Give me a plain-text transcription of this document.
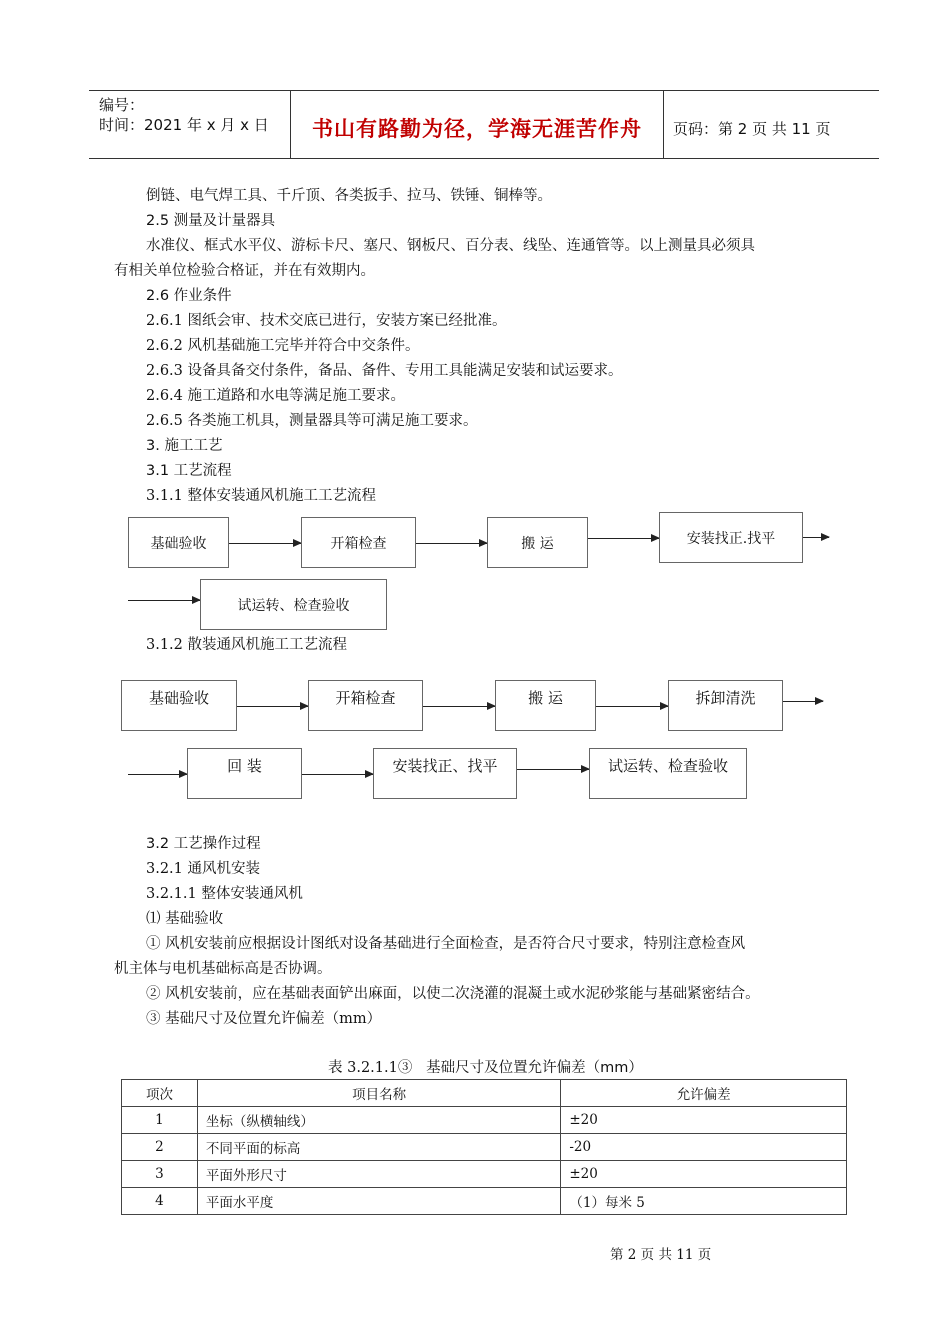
编号：
时间：2021 年 x 月 x 日 书山有路勤为径，学海无涯苦作舟 页码：第 2 页 共 11 页
倒链、电气焊工具、千斤顶、各类扳手、拉马、铁锤、铜棒等。
2.5 测量及计量器具
水准仪、框式水平仪、游标卡尺、塞尺、钢板尺、百分表、线坠、连通管等。以上测量具必须具
有相关单位检验合格证，并在有效期内。
2.6 作业条件
2.6.1 图纸会审、技术交底已进行，安装方案已经批准。
2.6.2 风机基础施工完毕并符合中交条件。
2.6.3 设备具备交付条件，备品、备件、专用工具能满足安装和试运要求。
2.6.4 施工道路和水电等满足施工要求。
2.6.5 各类施工机具，测量器具等可满足施工要求。
3. 施工工艺
3.1 工艺流程
3.1.1 整体安装通风机施工工艺流程
基础验收	开箱检查	搬 运	安装找正.找平
试运转、检查验收
3.1.2 散装通风机施工工艺流程
基础验收	开箱检查	搬 运	拆卸清洗
回 装	安装找正、找平	试运转、检查验收
3.2 工艺操作过程
3.2.1 通风机安装
3.2.1.1 整体安装通风机
⑴ 基础验收
① 风机安装前应根据设计图纸对设备基础进行全面检查，是否符合尺寸要求，特别注意检查风
机主体与电机基础标高是否协调。
② 风机安装前，应在基础表面铲出麻面，以使二次浇灌的混凝土或水泥砂浆能与基础紧密结合。
③ 基础尺寸及位置允许偏差（mm）
表 3.2.1.1③ 基础尺寸及位置允许偏差（mm）
项次	项目名称	允许偏差
1	坐标（纵横轴线）	±20
2	不同平面的标高	-20
3	平面外形尺寸	±20
4	平面水平度	（1）每米 5
第 2 页 共 11 页
